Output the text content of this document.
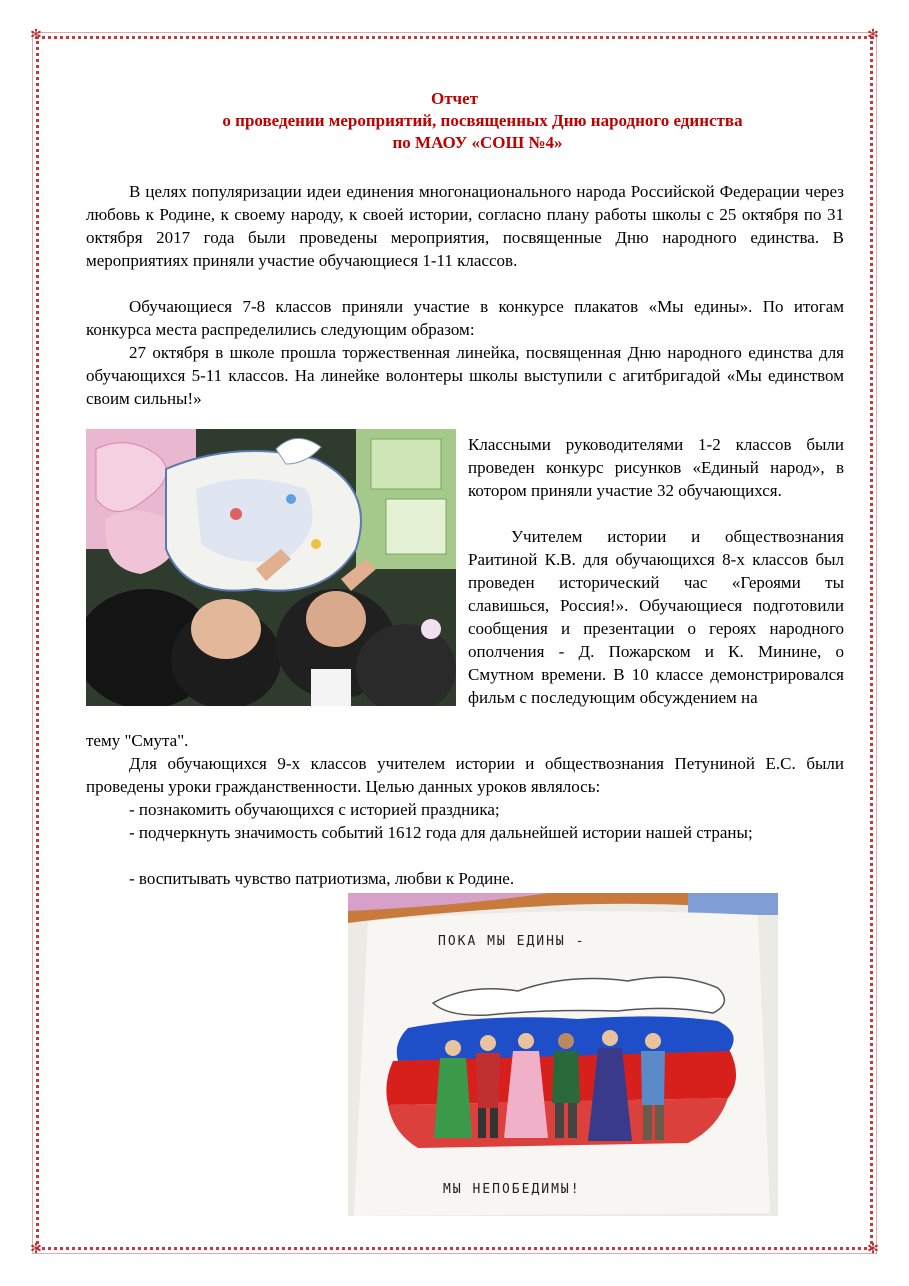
✻	✻
✻	✻
Отчет
о проведении мероприятий, посвященных Дню народного единства
по МАОУ «СОШ №4»

В целях популяризации идеи единения многонационального народа Российской Федерации через любовь к Родине, к своему народу, к своей истории, согласно плану работы школы с 25 октября по 31 октября 2017 года были проведены мероприятия, посвященные Дню народного единства. В мероприятиях приняли участие обучающиеся 1-11 классов.

Обучающиеся 7-8 классов приняли участие в конкурсе плакатов «Мы едины». По итогам конкурса места распределились следующим образом:

27 октября в школе прошла торжественная линейка, посвященная Дню народного единства для обучающихся 5-11 классов. На линейке волонтеры школы выступили с агитбригадой «Мы единством своим сильны!»

Классными руководителями 1-2 классов были проведен конкурс рисунков «Единый народ», в котором приняли участие 32 обучающихся.

Учителем истории и обществознания Раитиной К.В. для обучающихся 8-х классов был проведен исторический час «Героями ты славишься, Россия!». Обучающиеся подготовили сообщения и презентации о героях народного ополчения - Д. Пожарском и К. Минине, о Смутном времени. В 10 классе демонстрировался фильм с последующим обсуждением на

тему "Смута".

Для обучающихся 9-х классов учителем истории и обществознания Петуниной Е.С. были проведены уроки гражданственности. Целью данных уроков являлось:

- познакомить обучающихся с историей праздника;

- подчеркнуть значимость событий 1612 года для дальнейшей истории нашей страны;

- воспитывать чувство патриотизма, любви к Родине.

ПОКА МЫ ЕДИНЫ -
МЫ НЕПОБЕДИМЫ!
